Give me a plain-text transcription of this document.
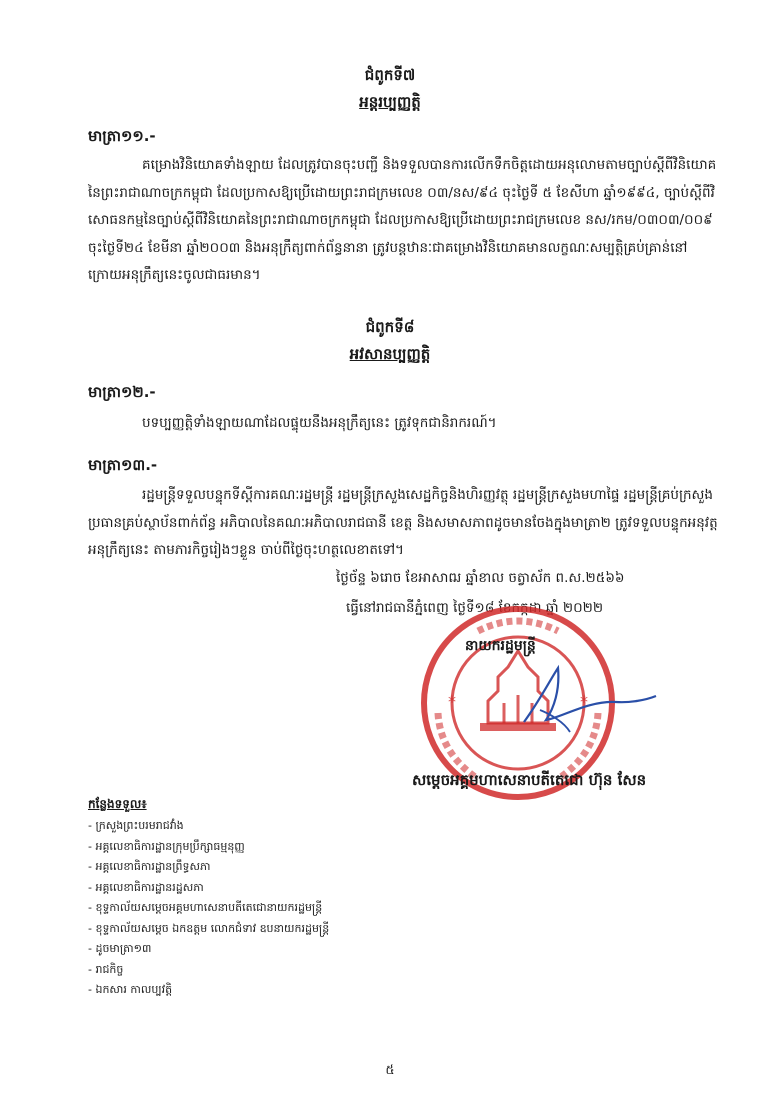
ជំពូកទី៧
អន្តរប្បញ្ញត្តិ
មាត្រា១១.-
គម្រោងវិនិយោគទាំងឡាយ ដែលត្រូវបានចុះបញ្ជី និងទទួលបានការលើកទឹកចិត្តដោយអនុលោមតាមច្បាប់ស្តីពីវិនិយោគនៃព្រះរាជាណាចក្រកម្ពុជា ដែលប្រកាសឱ្យប្រើដោយព្រះរាជក្រមលេខ ០៣/នស/៩៤ ចុះថ្ងៃទី ៥ ខែសីហា ឆ្នាំ១៩៩៤, ច្បាប់ស្តីពីវិសោធនកម្មនៃច្បាប់ស្តីពីវិនិយោគនៃព្រះរាជាណាចក្រកម្ពុជា ដែលប្រកាសឱ្យប្រើដោយព្រះរាជក្រមលេខ នស/រកម/០៣០៣/០០៩ ចុះថ្ងៃទី២៤ ខែមីនា ឆ្នាំ២០០៣ និងអនុក្រឹត្យពាក់ព័ន្ធនានា ត្រូវបន្តឋានៈជាគម្រោងវិនិយោគមានលក្ខណៈសម្បត្តិគ្រប់គ្រាន់នៅក្រោយអនុក្រឹត្យនេះចូលជាធរមាន។
ជំពូកទី៨
អវសានប្បញ្ញត្តិ
មាត្រា១២.-
បទប្បញ្ញត្តិទាំងឡាយណាដែលផ្ទុយនឹងអនុក្រឹត្យនេះ ត្រូវទុកជានិរាករណ៍។
មាត្រា១៣.-
រដ្ឋមន្ត្រីទទួលបន្ទុកទីស្តីការគណៈរដ្ឋមន្ត្រី រដ្ឋមន្ត្រីក្រសួងសេដ្ឋកិច្ចនិងហិរញ្ញវត្ថុ រដ្ឋមន្ត្រីក្រសួងមហាផ្ទៃ រដ្ឋមន្ត្រីគ្រប់ក្រសួង ប្រធានគ្រប់ស្ថាប័នពាក់ព័ន្ធ អភិបាលនៃគណៈអភិបាលរាជធានី ខេត្ត និងសមាសភាពដូចមានចែងក្នុងមាត្រា២ ត្រូវទទួលបន្ទុកអនុវត្តអនុក្រឹត្យនេះ តាមភារកិច្ចរៀងៗខ្លួន ចាប់ពីថ្ងៃចុះហត្ថលេខាតទៅ។
ថ្ងៃច័ន្ទ ៦រោច ខែអាសាឍ ឆ្នាំខាល ចត្វាស័ក ព.ស.២៥៦៦
ធ្វើនៅរាជធានីភ្នំពេញ ថ្ងៃទី១៨ ខែកក្កដា ឆ្នាំ ២០២២
*	*
នាយករដ្ឋមន្ត្រី
សម្តេចអគ្គមហាសេនាបតីតេជោ ហ៊ុន សែន
កន្លែងទទួល៖
- ក្រសួងព្រះបរមរាជវាំង
- អគ្គលេខាធិការដ្ឋានក្រុមប្រឹក្សាធម្មនុញ្ញ
- អគ្គលេខាធិការដ្ឋានព្រឹទ្ធសភា
- អគ្គលេខាធិការដ្ឋានរដ្ឋសភា
- ខុទ្ទកាល័យសម្តេចអគ្គមហាសេនាបតីតេជោនាយករដ្ឋមន្ត្រី
- ខុទ្ទកាល័យសម្តេច ឯកឧត្តម លោកជំទាវ ឧបនាយករដ្ឋមន្ត្រី
- ដូចមាត្រា១៣
- រាជកិច្ច
- ឯកសារ កាលប្បវត្តិ
៥
